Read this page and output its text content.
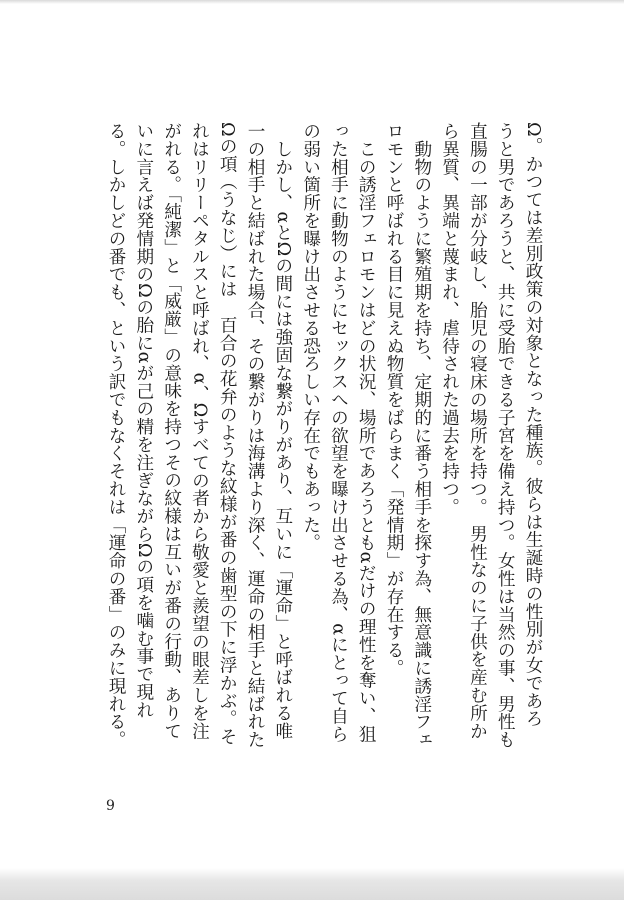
Ω。かつては差別政策の対象となった種族。彼らは生誕時の性別が女であろ

うと男であろうと、共に受胎できる子宮を備え持つ。女性は当然の事、男性も

直腸の一部が分岐し、胎児の寝床の場所を持つ。　男性なのに子供を産む所か

ら異質、異端と蔑まれ、虐待された過去を持つ。

　動物のように繁殖期を持ち、定期的に番う相手を探す為、無意識に誘淫フェ

ロモンと呼ばれる目に見えぬ物質をばらまく「発情期」が存在する。

　この誘淫フェロモンはどの状況、場所であろうともαだけの理性を奪い、狙

った相手に動物のようにセックスへの欲望を曝け出させる為、αにとって自ら

の弱い箇所を曝け出させる恐ろしい存在でもあった。

　しかし、αとΩの間には強固な繋がりがあり、互いに「運命」と呼ばれる唯

一の相手と結ばれた場合、その繋がりは海溝より深く、運命の相手と結ばれた

Ωの項（うなじ）には　百合の花弁のような紋様が番の歯型の下に浮かぶ。そ

れはリリーペタルスと呼ばれ、α、Ωすべての者から敬愛と羨望の眼差しを注

がれる。「純潔」と「威厳」の意味を持つその紋様は互いが番の行動、ありて

いに言えば発情期のΩの胎にαが己の精を注ぎながらΩの項を噛む事で現れ

る。しかしどの番でも、という訳でもなくそれは「運命の番」のみに現れる。

9
